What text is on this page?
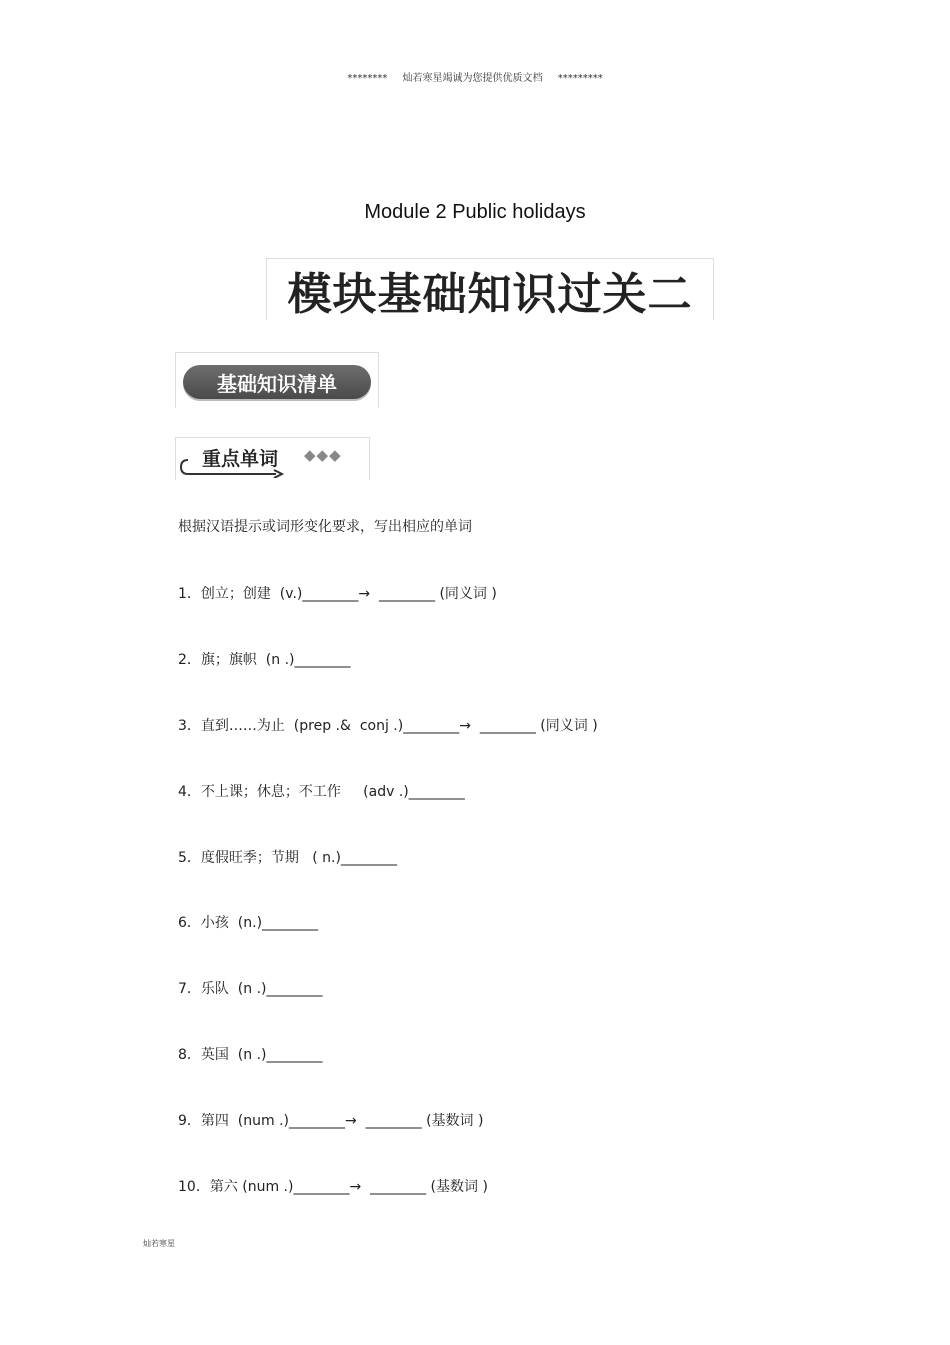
******** 灿若寒星竭诚为您提供优质文档 *********
Module 2 Public holidays
模块基础知识过关二
基础知识清单
重点单词 ◆◆◆
根据汉语提示或词形变化要求，写出相应的单词
1．创立；创建  (v.)________→  ________ (同义词 )
2．旗；旗帜  (n .)________
3．直到……为止  (prep .&  conj .)________→  ________ (同义词 )
4．不上课；休息；不工作     (adv .)________
5．度假旺季；节期   ( n.)________
6．小孩  (n.)________
7．乐队  (n .)________
8．英国  (n .)________
9．第四  (num .)________→  ________ (基数词 )
10．第六 (num .)________→  ________ (基数词 )
灿若寒星
